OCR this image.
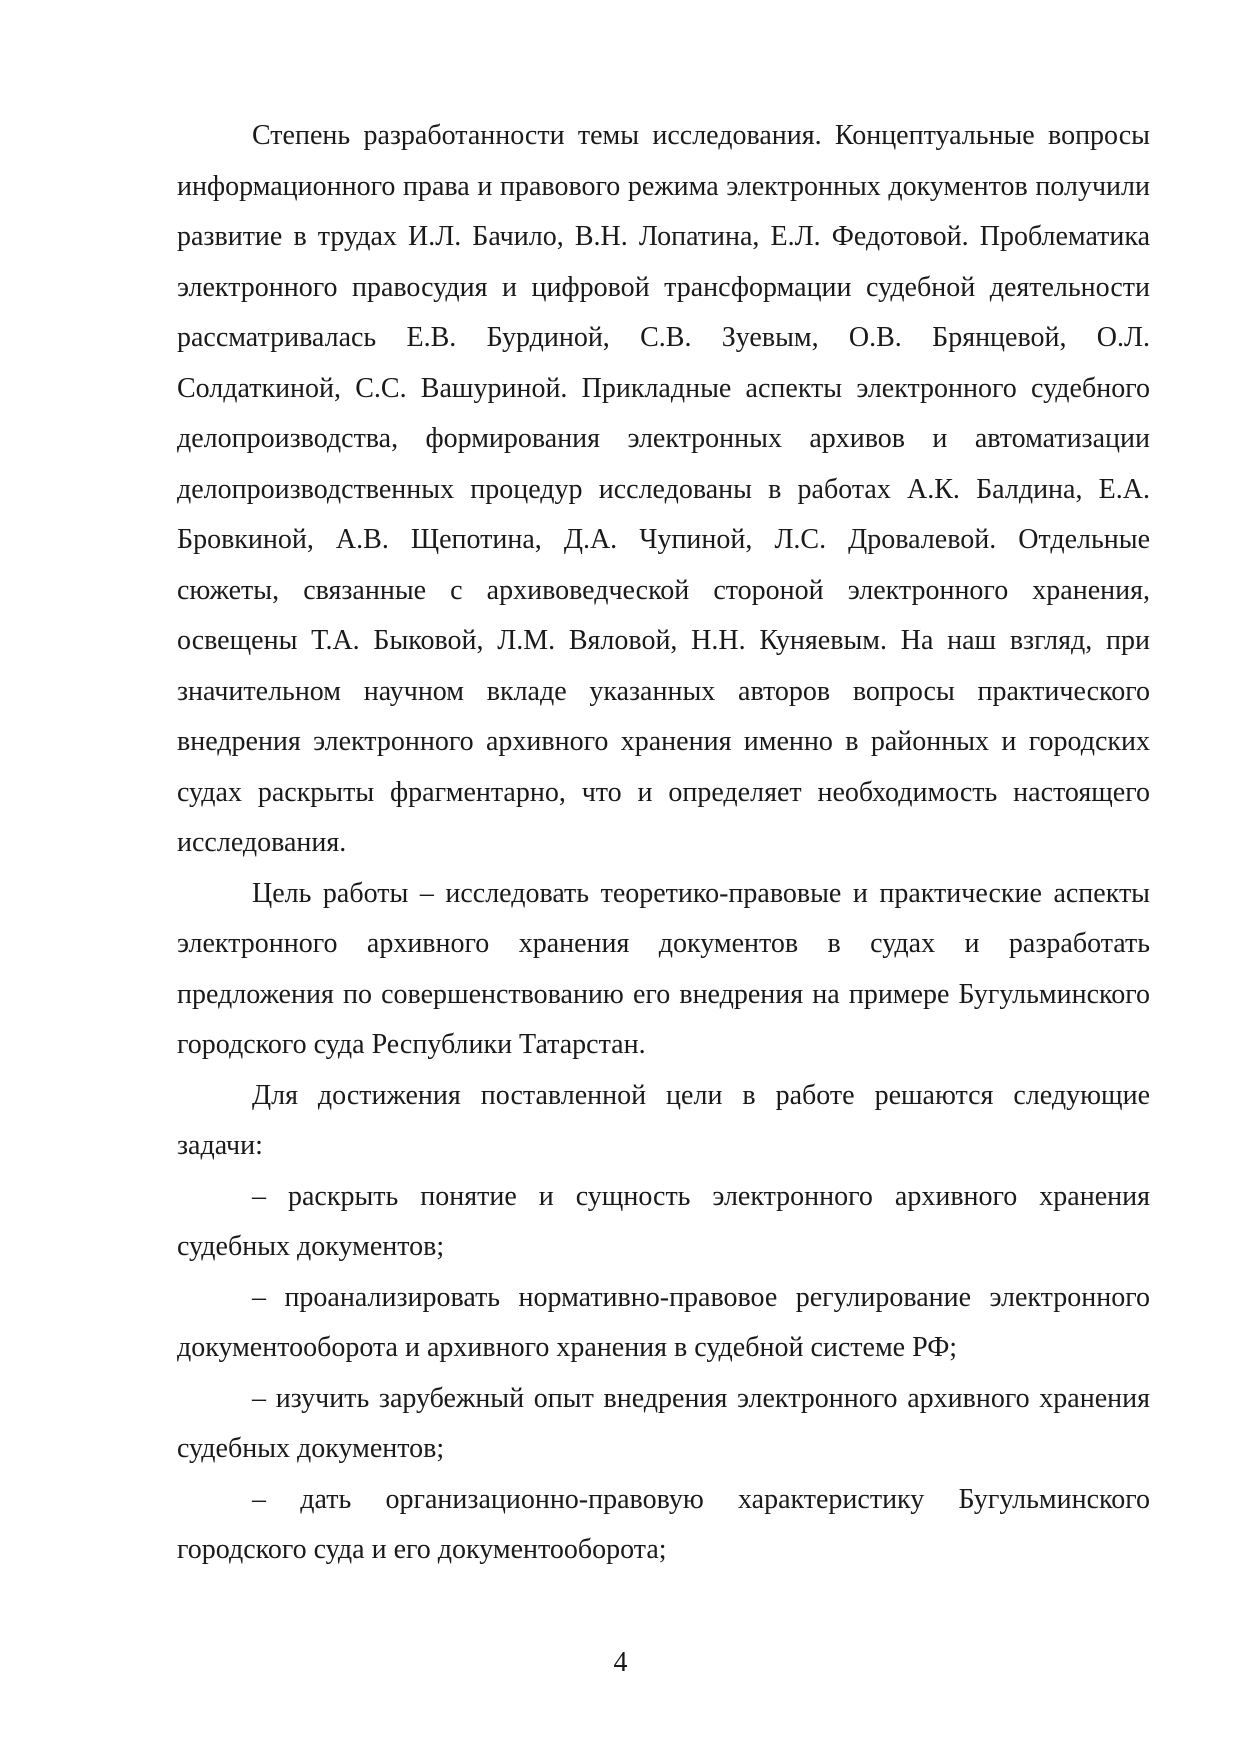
Степень разработанности темы исследования. Концептуальные вопросы информационного права и правового режима электронных документов получили развитие в трудах И.Л. Бачило, В.Н. Лопатина, Е.Л. Федотовой. Проблематика электронного правосудия и цифровой трансформации судебной деятельности рассматривалась Е.В. Бурдиной, С.В. Зуевым, О.В. Брянцевой, О.Л. Солдаткиной, С.С. Вашуриной. Прикладные аспекты электронного судебного делопроизводства, формирования электронных архивов и автоматизации делопроизводственных процедур исследованы в работах А.К. Балдина, Е.А. Бровкиной, А.В. Щепотина, Д.А. Чупиной, Л.С. Дровалевой. Отдельные сюжеты, связанные с архивоведческой стороной электронного хранения, освещены Т.А. Быковой, Л.М. Вяловой, Н.Н. Куняевым. На наш взгляд, при значительном научном вкладе указанных авторов вопросы практического внедрения электронного архивного хранения именно в районных и городских судах раскрыты фрагментарно, что и определяет необходимость настоящего исследования.

Цель работы – исследовать теоретико-правовые и практические аспекты электронного архивного хранения документов в судах и разработать предложения по совершенствованию его внедрения на примере Бугульминского городского суда Республики Татарстан.

Для достижения поставленной цели в работе решаются следующие задачи:

– раскрыть понятие и сущность электронного архивного хранения судебных документов;

– проанализировать нормативно-правовое регулирование электронного документооборота и архивного хранения в судебной системе РФ;

– изучить зарубежный опыт внедрения электронного архивного хранения судебных документов;

– дать организационно-правовую характеристику Бугульминского городского суда и его документооборота;

4
